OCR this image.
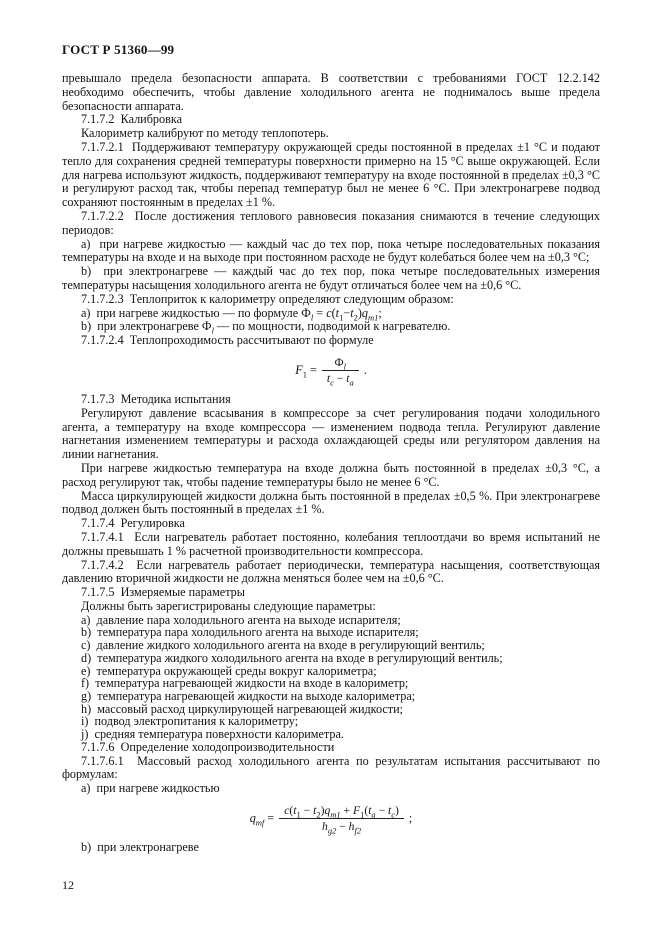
ГОСТ Р 51360—99
превышало предела безопасности аппарата. В соответствии с требованиями ГОСТ 12.2.142 необходимо обеспечить, чтобы давление холодильного агента не поднималось выше предела безопасности аппарата.
7.1.7.2  Калибровка
Калориметр калибруют по методу теплопотерь.
7.1.7.2.1  Поддерживают температуру окружающей среды постоянной в пределах ±1 °С и подают тепло для сохранения средней температуры поверхности примерно на 15 °С выше окружающей. Если для нагрева используют жидкость, поддерживают температуру на входе постоянной в пределах ±0,3 °С и регулируют расход так, чтобы перепад температур был не менее 6 °С. При электронагреве подвод сохраняют постоянным в пределах ±1 %.
7.1.7.2.2  После достижения теплового равновесия показания снимаются в течение следующих периодов:
а)  при нагреве жидкостью — каждый час до тех пор, пока четыре последовательных показания температуры на входе и на выходе при постоянном расходе не будут колебаться более чем на ±0,3 °С;
b)  при электронагреве — каждый час до тех пор, пока четыре последовательных измерения температуры насыщения холодильного агента не будут отличаться более чем на ±0,6 °С.
7.1.7.2.3  Теплоприток к калориметру определяют следующим образом:
а)  при нагреве жидкостью — по формуле $Ф_l = c(t_1-t_2)q_{m1}$;
b)  при электронагреве $Ф_l$ — по мощности, подводимой к нагревателю.
7.1.7.2.4  Теплопроходимость рассчитывают по формуле
$F_1$ =
$Ф_l$
$t_c - t_a$
.
7.1.7.3  Методика испытания
Регулируют давление всасывания в компрессоре за счет регулирования подачи холодильного агента, а температуру на входе компрессора — изменением подвода тепла. Регулируют давление нагнетания изменением температуры и расхода охлаждающей среды или регулятором давления на линии нагнетания.
При нагреве жидкостью температура на входе должна быть постоянной в пределах ±0,3 °С, а расход регулируют так, чтобы падение температуры было не менее 6 °С.
Масса циркулирующей жидкости должна быть постоянной в пределах ±0,5 %. При электронагреве подвод должен быть постоянный в пределах ±1 %.
7.1.7.4  Регулировка
7.1.7.4.1  Если нагреватель работает постоянно, колебания теплоотдачи во время испытаний не должны превышать 1 % расчетной производительности компрессора.
7.1.7.4.2  Если нагреватель работает периодически, температура насыщения, соответствующая давлению вторичной жидкости не должна меняться более чем на ±0,6 °С.
7.1.7.5  Измеряемые параметры
Должны быть зарегистрированы следующие параметры:
а)  давление пара холодильного агента на выходе испарителя;
b)  температура пара холодильного агента на выходе испарителя;
с)  давление жидкого холодильного агента на входе в регулирующий вентиль;
d)  температура жидкого холодильного агента на входе в регулирующий вентиль;
е)  температура окружающей среды вокруг калориметра;
f)  температура нагревающей жидкости на входе в калориметр;
g)  температура нагревающей жидкости на выходе калориметра;
h)  массовый расход циркулирующей нагревающей жидкости;
i)  подвод электропитания к калориметру;
j)  средняя температура поверхности калориметра.
7.1.7.6  Определение холодопроизводительности
7.1.7.6.1  Массовый расход холодильного агента по результатам испытания рассчитывают по формулам:
а)  при нагреве жидкостью
$q_{mf} = \frac{c(t_1 - t_2)q_{m1} + F_1(t_a - t_c)}{h_{g2} - h_{f2}}$ ;
b)  при электронагреве
12
